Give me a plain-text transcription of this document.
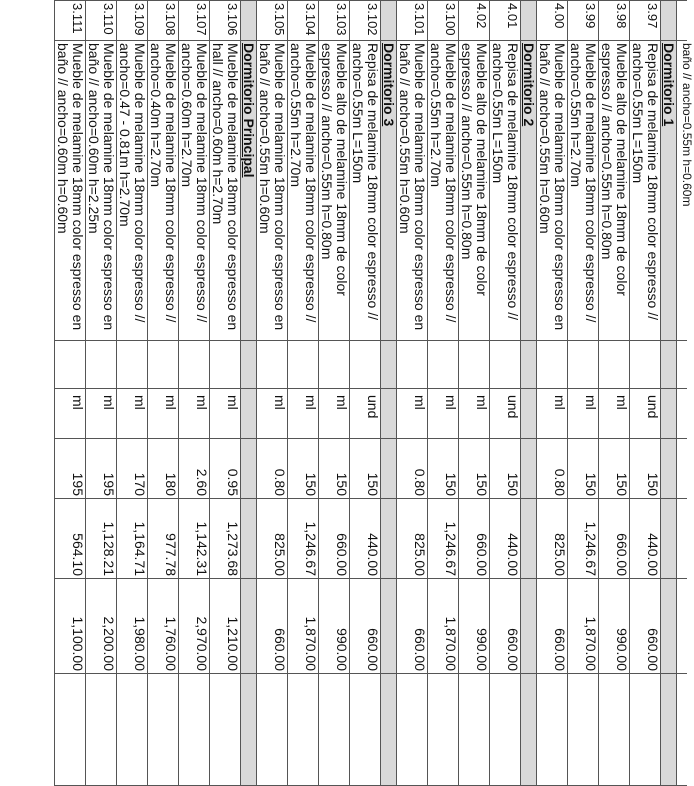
	baño // ancho=0.55m h=0.60m						

	Dormitorio 1						
3.97	Repisa de melamine 18mm color espresso //
ancho=0.55m L=150m		und	150	440.00	660.00	
3.98	Mueble alto de melamine 18mm de color
espresso // ancho=0.55m h=0.80m		ml	150	660.00	990.00	
3.99	Mueble de melamine 18mm color espresso //
ancho=0.55m h=2.70m		ml	150	1,246.67	1,870.00	
4.00	Mueble de melamine 18mm color espresso en
baño // ancho=0.55m h=0.60m		ml	0.80	825.00	660.00	
	Dormitorio 2						
4.01	Repisa de melamine 18mm color espresso //
ancho=0.55m L=150m		und	150	440.00	660.00	
4.02	Mueble alto de melamine 18mm de color
espresso // ancho=0.55m h=0.80m		ml	150	660.00	990.00	
3.100	Mueble de melamine 18mm color espresso //
ancho=0.55m h=2.70m		ml	150	1,246.67	1,870.00	
3.101	Mueble de melamine 18mm color espresso en
baño // ancho=0.55m h=0.60m		ml	0.80	825.00	660.00	
	Dormitorio 3						
3.102	Repisa de melamine 18mm color espresso //
ancho=0.55m L=150m		und	150	440.00	660.00	
3.103	Mueble alto de melamine 18mm de color
espresso // ancho=0.55m h=0.80m		ml	150	660.00	990.00	
3.104	Mueble de melamine 18mm color espresso //
ancho=0.55m h=2.70m		ml	150	1,246.67	1,870.00	
3.105	Mueble de melamine 18mm color espresso en
baño // ancho=0.55m h=0.60m		ml	0.80	825.00	660.00	
	Dormitorio Principal						
3.106	Mueble de melamine 18mm color espresso en
hall // ancho=0.60m h=2.70m		ml	0.95	1,273.68	1,210.00	
3.107	Mueble de melamine 18mm color espresso //
ancho=0.60m h=2.70m		ml	2.60	1,142.31	2,970.00	
3.108	Mueble de melamine 18mm color espresso //
ancho=0.40m h=2.70m		ml	180	977.78	1,760.00	
3.109	Mueble de melamine 18mm color espresso //
ancho=0.47 - 0.81m h=2.70m		ml	170	1,164.71	1,980.00	
3.110	Mueble de melamine 18mm color espresso en
baño // ancho=0.60m h=2.25m		ml	195	1,128.21	2,200.00	
3.111	Mueble de melamine 18mm color espresso en
baño // ancho=0.60m h=0.60m		ml	195	564.10	1,100.00	
